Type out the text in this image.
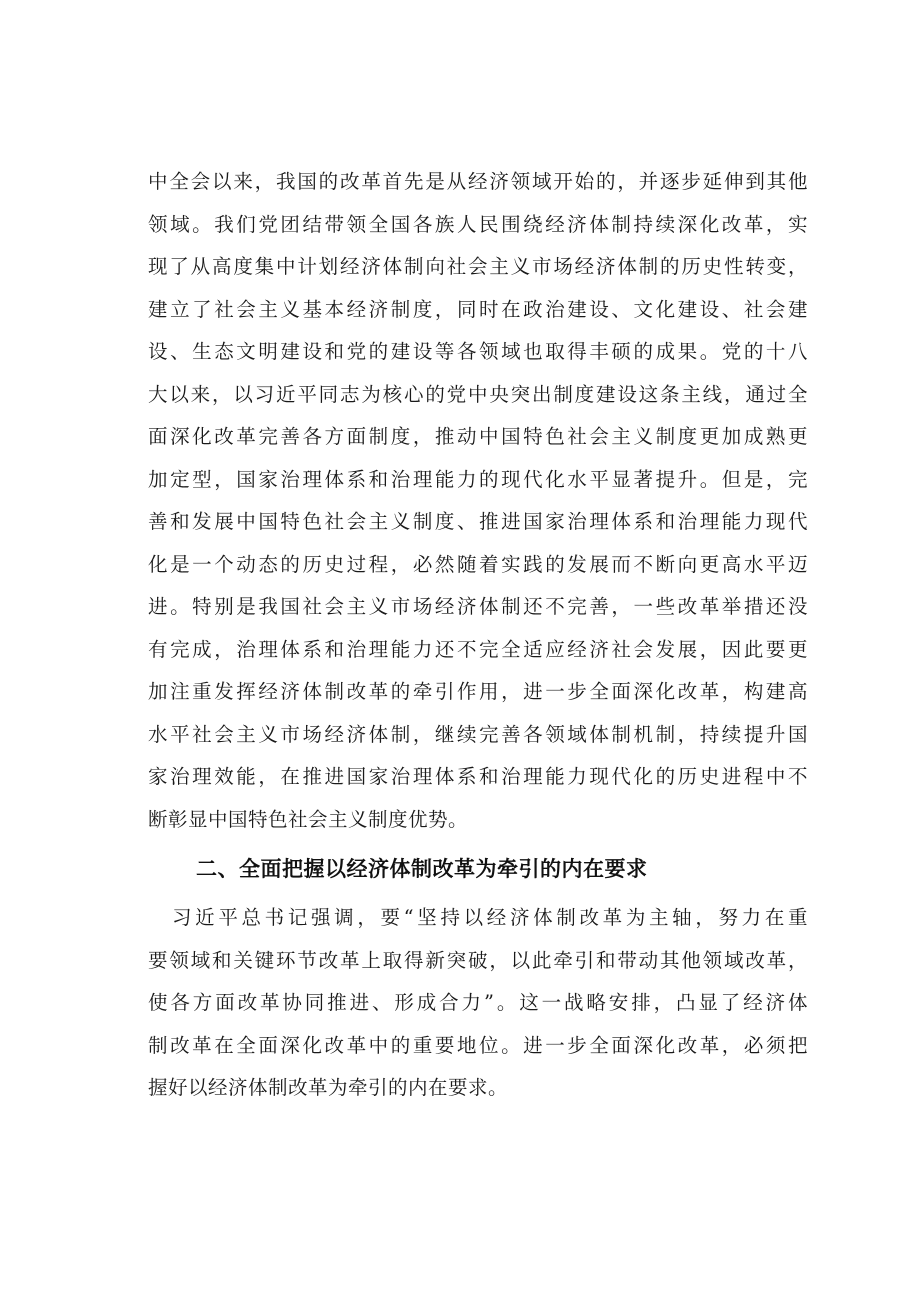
中全会以来，我国的改革首先是从经济领域开始的，并逐步延伸到其他
领域。我们党团结带领全国各族人民围绕经济体制持续深化改革，实
现了从高度集中计划经济体制向社会主义市场经济体制的历史性转变，
建立了社会主义基本经济制度，同时在政治建设、文化建设、社会建
设、生态文明建设和党的建设等各领域也取得丰硕的成果。党的十八
大以来，以习近平同志为核心的党中央突出制度建设这条主线，通过全
面深化改革完善各方面制度，推动中国特色社会主义制度更加成熟更
加定型，国家治理体系和治理能力的现代化水平显著提升。但是，完
善和发展中国特色社会主义制度、推进国家治理体系和治理能力现代
化是一个动态的历史过程，必然随着实践的发展而不断向更高水平迈
进。特别是我国社会主义市场经济体制还不完善，一些改革举措还没
有完成，治理体系和治理能力还不完全适应经济社会发展，因此要更
加注重发挥经济体制改革的牵引作用，进一步全面深化改革，构建高
水平社会主义市场经济体制，继续完善各领域体制机制，持续提升国
家治理效能，在推进国家治理体系和治理能力现代化的历史进程中不
断彰显中国特色社会主义制度优势。
二、全面把握以经济体制改革为牵引的内在要求
习近平总书记强调，要“坚持以经济体制改革为主轴，努力在重
要领域和关键环节改革上取得新突破，以此牵引和带动其他领域改革，
使各方面改革协同推进、形成合力”。这一战略安排，凸显了经济体
制改革在全面深化改革中的重要地位。进一步全面深化改革，必须把
握好以经济体制改革为牵引的内在要求。
